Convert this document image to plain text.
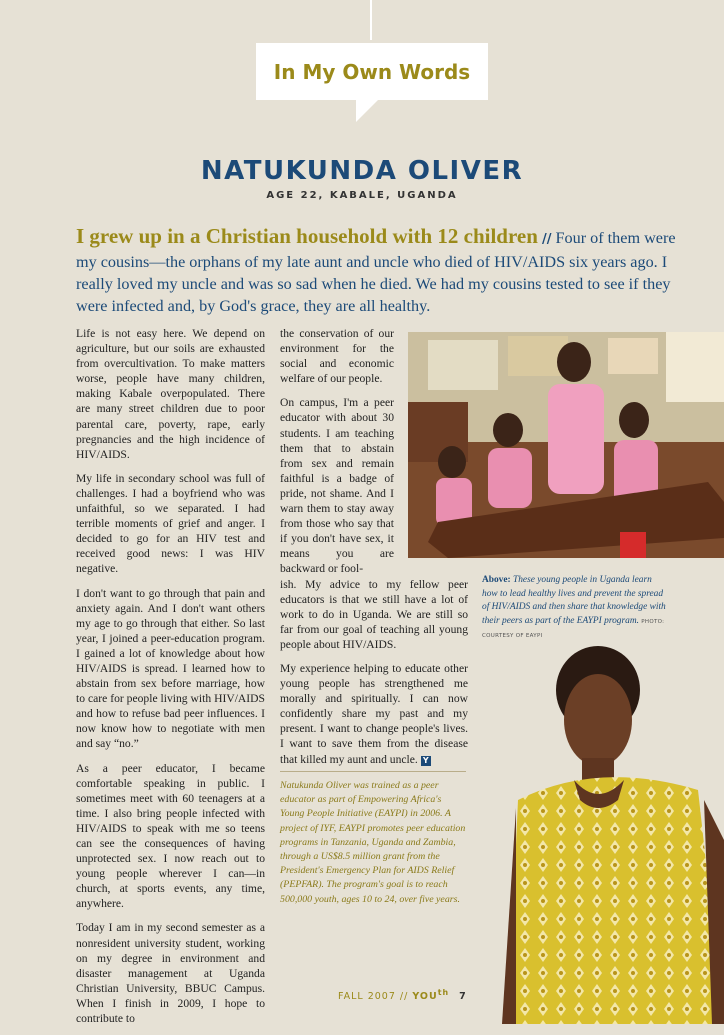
In My Own Words
NATUKUNDA OLIVER
AGE 22, KABALE, UGANDA
I grew up in a Christian household with 12 children // Four of them were my cousins—the orphans of my late aunt and uncle who died of HIV/AIDS six years ago. I really loved my uncle and was so sad when he died. We had my cousins tested to see if they were infected and, by God's grace, they are all healthy.

Life is not easy here. We depend on agriculture, but our soils are exhausted from overcultivation. To make matters worse, people have many children, making Kabale overpopulated. There are many street children due to poor parental care, poverty, rape, early pregnancies and the high incidence of HIV/AIDS.

My life in secondary school was full of challenges. I had a boyfriend who was unfaithful, so we separated. I had terrible moments of grief and anger. I decided to go for an HIV test and received good news: I was HIV negative.

I don't want to go through that pain and anxiety again. And I don't want others my age to go through that either. So last year, I joined a peer-education program. I gained a lot of knowledge about how HIV/AIDS is spread. I learned how to abstain from sex before marriage, how to care for people living with HIV/AIDS and how to refuse bad peer influences. I now know how to negotiate with men and say “no.”

As a peer educator, I became comfortable speaking in public. I sometimes meet with 60 teenagers at a time. I also bring people infected with HIV/AIDS to speak with me so teens can see the consequences of having unprotected sex. I now reach out to young people wherever I can—in church, at sports events, any time, anywhere.

Today I am in my second semester as a nonresident university student, working on my degree in environment and disaster management at Uganda Christian University, BBUC Campus. When I finish in 2009, I hope to contribute to

the conservation of our environment for the social and economic welfare of our people.

On campus, I'm a peer educator with about 30 students. I am teaching them that to abstain from sex and remain faithful is a badge of pride, not shame. And I warn them to stay away from those who say that if you don't have sex, it means you are backward or fool-

ish. My advice to my fellow peer educators is that we still have a lot of work to do in Uganda. We are still so far from our goal of teaching all young people about HIV/AIDS.

My experience helping to educate other young people has strengthened me morally and spiritually. I can now confidently share my past and my present. I want to change people's lives. I want to save them from the disease that killed my aunt and uncle. Y

Above: These young people in Uganda learn how to lead healthy lives and prevent the spread of HIV/AIDS and then share that knowledge with their peers as part of the EAYPI program. PHOTO: COURTESY OF EAYPI
Natukunda Oliver was trained as a peer educator as part of Empowering Africa's Young People Initiative (EAYPI) in 2006. A project of IYF, EAYPI promotes peer education programs in Tanzania, Uganda and Zambia, through a US$8.5 million grant from the President's Emergency Plan for AIDS Relief (PEPFAR). The program's goal is to reach 500,000 youth, ages 10 to 24, over five years.
FALL $2007 // YOU^{th}$ 7
